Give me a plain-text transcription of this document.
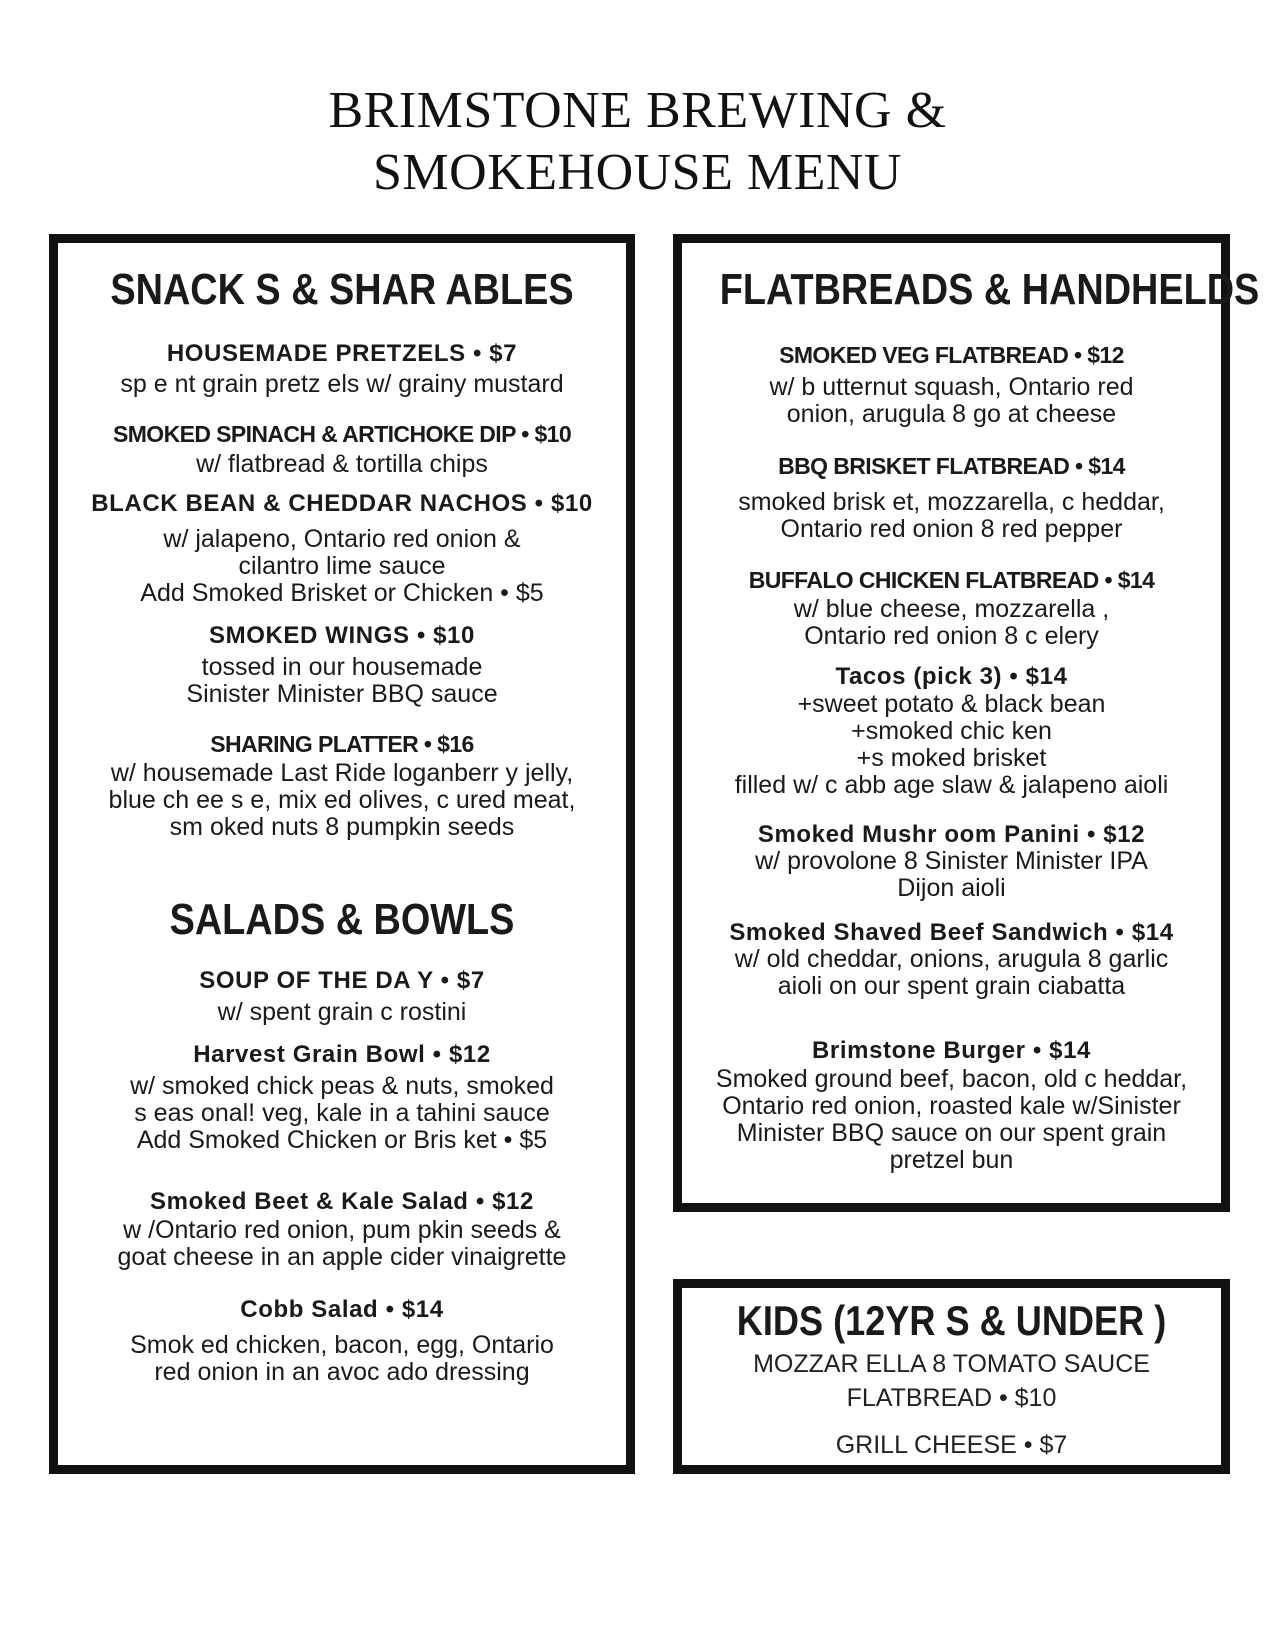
BRIMSTONE BREWING &
SMOKEHOUSE MENU
SNACK S & SHAR ABLES
HOUSEMADE PRETZELS • $7
sp e nt grain pretz els w/ grainy mustard
SMOKED SPINACH & ARTICHOKE DIP • $10
w/ flatbread & tortilla chips
BLACK BEAN & CHEDDAR NACHOS • $10
w/ jalapeno, Ontario red onion &
cilantro lime sauce
Add Smoked Brisket or Chicken • $5
SMOKED WINGS • $10
tossed in our housemade
Sinister Minister BBQ sauce
SHARING PLATTER • $16
w/ housemade Last Ride loganberr y jelly,
blue ch ee s e, mix ed olives, c ured meat,
sm oked nuts 8 pumpkin seeds
SALADS & BOWLS
SOUP OF THE DA Y • $7
w/ spent grain c rostini
Harvest Grain Bowl • $12
w/ smoked chick peas & nuts, smoked
s eas onal! veg, kale in a tahini sauce
Add Smoked Chicken or Bris ket • $5
Smoked Beet & Kale Salad • $12
w /Ontario red onion, pum pkin seeds &
goat cheese in an apple cider vinaigrette
Cobb Salad • $14
Smok ed chicken, bacon, egg, Ontario
red onion in an avoc ado dressing
FLATBREADS & HANDHELDS
SMOKED VEG FLATBREAD • $12
w/ b utternut squash, Ontario red
onion, arugula 8 go at cheese
BBQ BRISKET FLATBREAD • $14
smoked brisk et, mozzarella, c heddar,
Ontario red onion 8 red pepper
BUFFALO CHICKEN FLATBREAD • $14
w/ blue cheese, mozzarella ,
Ontario red onion 8 c elery
Tacos (pick 3) • $14
+sweet potato & black bean
+smoked chic ken
+s moked brisket
filled w/ c abb age slaw & jalapeno aioli
Smoked Mushr oom Panini • $12
w/ provolone 8 Sinister Minister IPA
Dijon aioli
Smoked Shaved Beef Sandwich • $14
w/ old cheddar, onions, arugula 8 garlic
aioli on our spent grain ciabatta
Brimstone Burger • $14
Smoked ground beef, bacon, old c heddar,
Ontario red onion, roasted kale w/Sinister
Minister BBQ sauce on our spent grain
pretzel bun
KIDS (12YR S & UNDER )
MOZZAR ELLA 8 TOMATO SAUCE
FLATBREAD • $10
GRILL CHEESE • $7
